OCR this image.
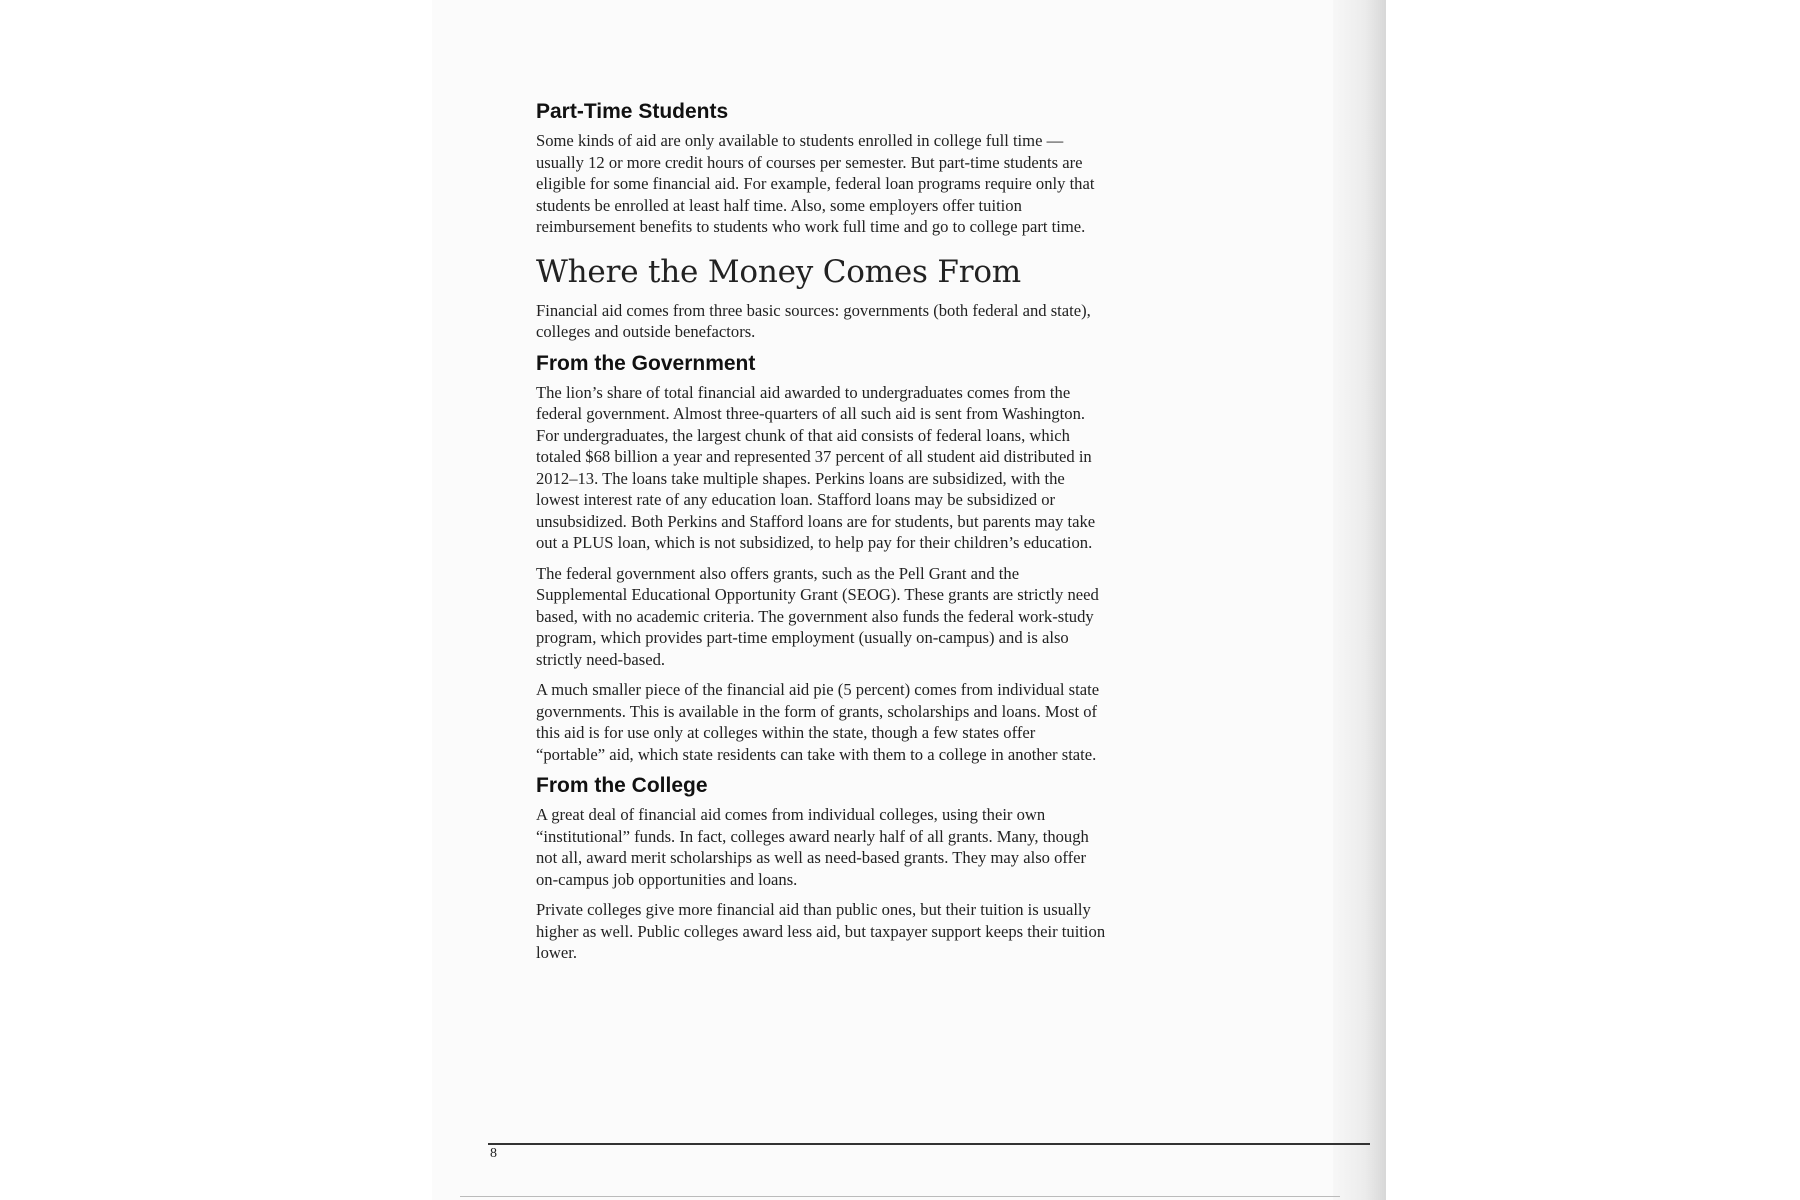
Part-Time Students

Some kinds of aid are only available to students enrolled in college full time — usually 12 or more credit hours of courses per semester. But part-time students are eligible for some financial aid. For example, federal loan programs require only that students be enrolled at least half time. Also, some employers offer tuition reimbursement benefits to students who work full time and go to college part time.

Where the Money Comes From

Financial aid comes from three basic sources: governments (both federal and state), colleges and outside benefactors.

From the Government

The lion’s share of total financial aid awarded to undergraduates comes from the federal government. Almost three-quarters of all such aid is sent from Washington. For undergraduates, the largest chunk of that aid consists of federal loans, which totaled $68 billion a year and represented 37 percent of all student aid distributed in 2012–13. The loans take multiple shapes. Perkins loans are subsidized, with the lowest interest rate of any education loan. Stafford loans may be subsidized or unsubsidized. Both Perkins and Stafford loans are for students, but parents may take out a PLUS loan, which is not subsidized, to help pay for their children’s education.

The federal government also offers grants, such as the Pell Grant and the Supplemental Educational Opportunity Grant (SEOG). These grants are strictly need based, with no academic criteria. The government also funds the federal work-study program, which provides part-time employment (usually on-campus) and is also strictly need-based.

A much smaller piece of the financial aid pie (5 percent) comes from individual state governments. This is available in the form of grants, scholarships and loans. Most of this aid is for use only at colleges within the state, though a few states offer “portable” aid, which state residents can take with them to a college in another state.

From the College

A great deal of financial aid comes from individual colleges, using their own “institutional” funds. In fact, colleges award nearly half of all grants. Many, though not all, award merit scholarships as well as need-based grants. They may also offer on-campus job opportunities and loans.

Private colleges give more financial aid than public ones, but their tuition is usually higher as well. Public colleges award less aid, but taxpayer support keeps their tuition lower.

8
